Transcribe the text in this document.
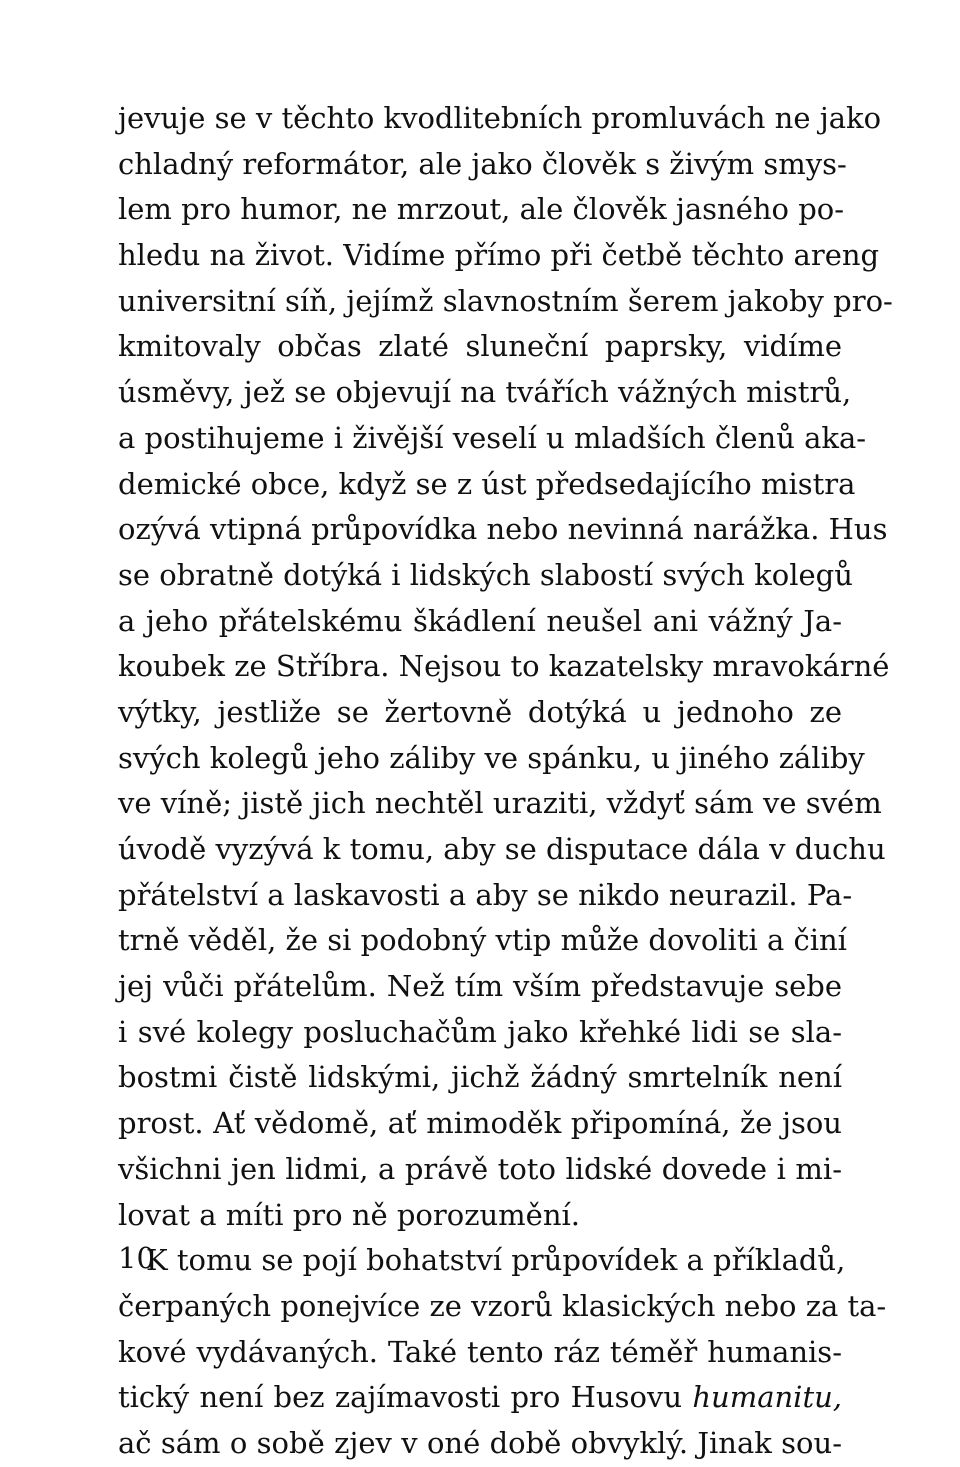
jevuje se v těchto kvodlitebních promluvách ne jako
chladný reformátor, ale jako člověk s živým smys-
lem pro humor, ne mrzout, ale člověk jasného po-
hledu na život. Vidíme přímo při četbě těchto areng
universitní síň, jejímž slavnostním šerem jakoby pro-
kmitovaly občas zlaté sluneční paprsky, vidíme
úsměvy, jež se objevují na tvářích vážných mistrů,
a postihujeme i živější veselí u mladších členů aka-
demické obce, když se z úst předsedajícího mistra
ozývá vtipná průpovídka nebo nevinná narážka. Hus
se obratně dotýká i lidských slabostí svých kolegů
a jeho přátelskému škádlení neušel ani vážný Ja-
koubek ze Stříbra. Nejsou to kazatelsky mravokárné
výtky, jestliže se žertovně dotýká u jednoho ze
svých kolegů jeho záliby ve spánku, u jiného záliby
ve víně; jistě jich nechtěl uraziti, vždyť sám ve svém
úvodě vyzývá k tomu, aby se disputace dála v duchu
přátelství a laskavosti a aby se nikdo neurazil. Pa-
trně věděl, že si podobný vtip může dovoliti a činí
jej vůči přátelům. Než tím vším představuje sebe
i své kolegy posluchačům jako křehké lidi se sla-
bostmi čistě lidskými, jichž žádný smrtelník není
prost. Ať vědomě, ať mimoděk připomíná, že jsou
všichni jen lidmi, a právě toto lidské dovede i mi-
lovat a míti pro ně porozumění.
K tomu se pojí bohatství průpovídek a příkladů,
čerpaných ponejvíce ze vzorů klasických nebo za ta-
kové vydávaných. Také tento ráz téměř humanis-
tický není bez zajímavosti pro Husovu humanitu,
ač sám o sobě zjev v oné době obvyklý. Jinak sou-
10
